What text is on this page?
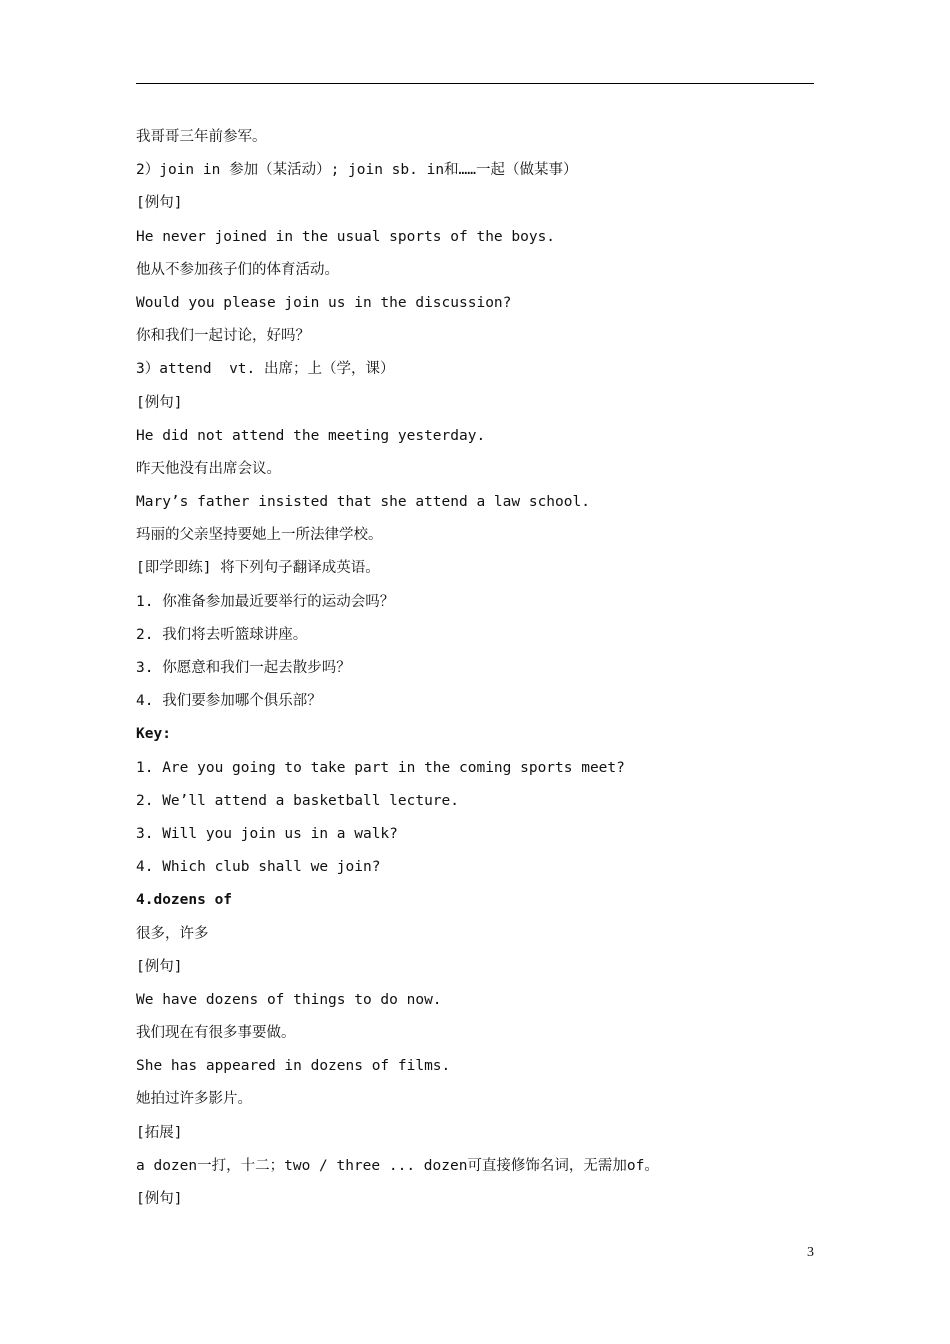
我哥哥三年前参军。
2）join in 参加（某活动）; join sb. in和……一起（做某事）
[例句]
He never joined in the usual sports of the boys.
他从不参加孩子们的体育活动。
Would you please join us in the discussion?
你和我们一起讨论，好吗？
3）attend  vt. 出席；上（学，课）
[例句]
He did not attend the meeting yesterday.
昨天他没有出席会议。
Mary’s father insisted that she attend a law school.
玛丽的父亲坚持要她上一所法律学校。
[即学即练] 将下列句子翻译成英语。
1. 你准备参加最近要举行的运动会吗？
2. 我们将去听篮球讲座。
3. 你愿意和我们一起去散步吗？
4. 我们要参加哪个俱乐部？
Key:
1. Are you going to take part in the coming sports meet?
2. We’ll attend a basketball lecture.
3. Will you join us in a walk?
4. Which club shall we join?
4.dozens of
很多，许多
[例句]
We have dozens of things to do now.
我们现在有很多事要做。
She has appeared in dozens of films.
她拍过许多影片。
[拓展]
a dozen一打，十二；two / three ... dozen可直接修饰名词，无需加of。
[例句]
3
